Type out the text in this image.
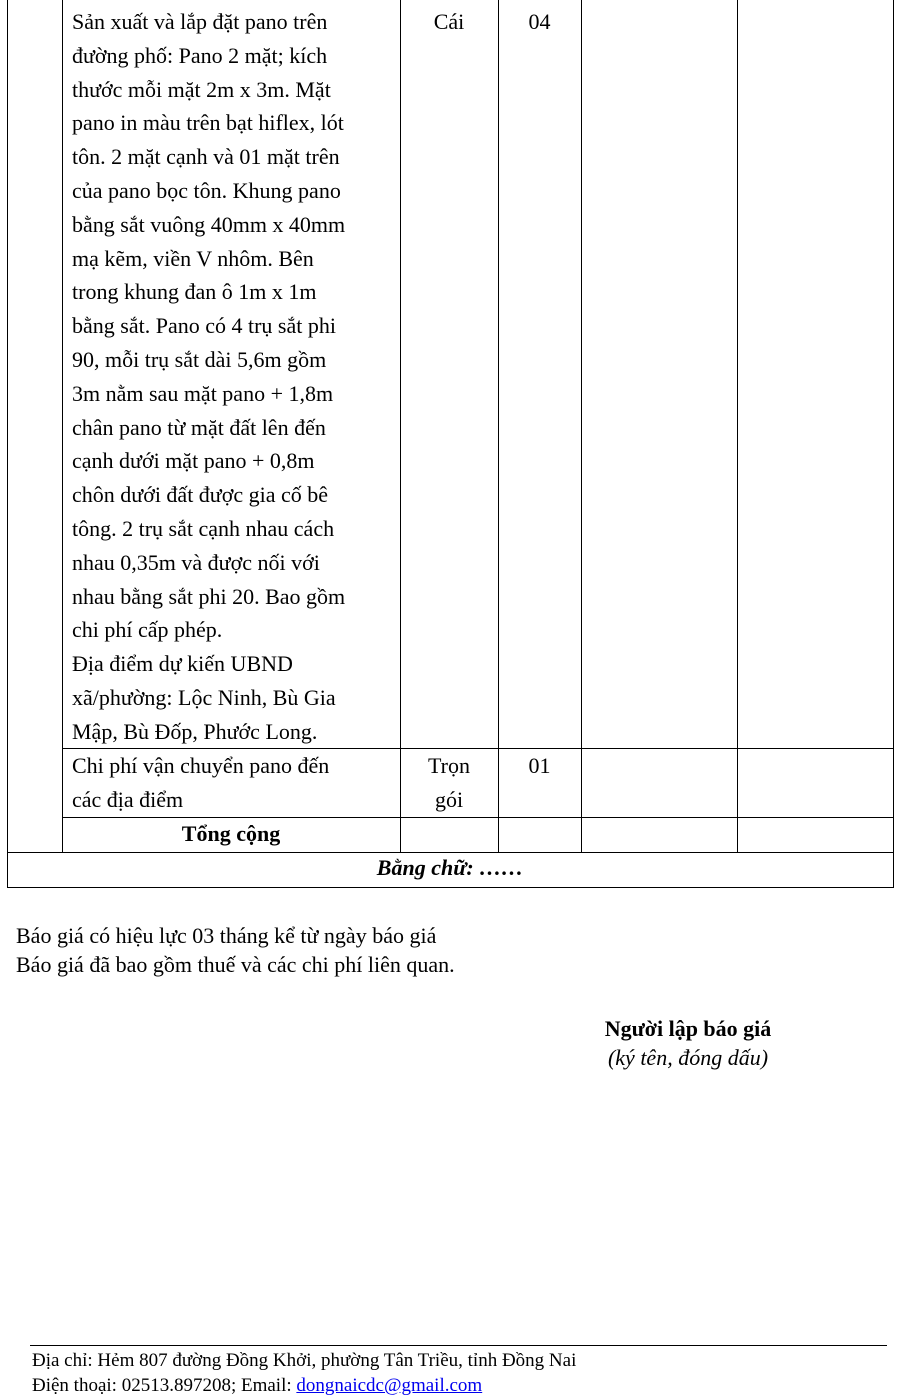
Sản xuất và lắp đặt pano trên
đường phố: Pano 2 mặt; kích
thước mỗi mặt 2m x 3m. Mặt
pano in màu trên bạt hiflex, lót
tôn. 2 mặt cạnh và 01 mặt trên
của pano bọc tôn. Khung pano
bằng sắt vuông 40mm x 40mm
mạ kẽm, viền V nhôm. Bên
trong khung đan ô 1m x 1m
bằng sắt. Pano có 4 trụ sắt phi
90, mỗi trụ sắt dài 5,6m gồm
3m nằm sau mặt pano + 1,8m
chân pano từ mặt đất lên đến
cạnh dưới mặt pano + 0,8m
chôn dưới đất được gia cố bê
tông. 2 trụ sắt cạnh nhau cách
nhau 0,35m và được nối với
nhau bằng sắt phi 20. Bao gồm
chi phí cấp phép.
Địa điểm dự kiến UBND
xã/phường: Lộc Ninh, Bù Gia
Mập, Bù Đốp, Phước Long.
Cái	04
Chi phí vận chuyển pano đến
các địa điểm
Trọn
gói
01
Tổng cộng
Bằng chữ: ……
Báo giá có hiệu lực 03 tháng kể từ ngày báo giá
Báo giá đã bao gồm thuế và các chi phí liên quan.
Người lập báo giá
(ký tên, đóng dấu)
Địa chỉ: Hẻm 807 đường Đồng Khởi, phường Tân Triều, tỉnh Đồng Nai
Điện thoại: 02513.897208; Email: dongnaicdc@gmail.com
